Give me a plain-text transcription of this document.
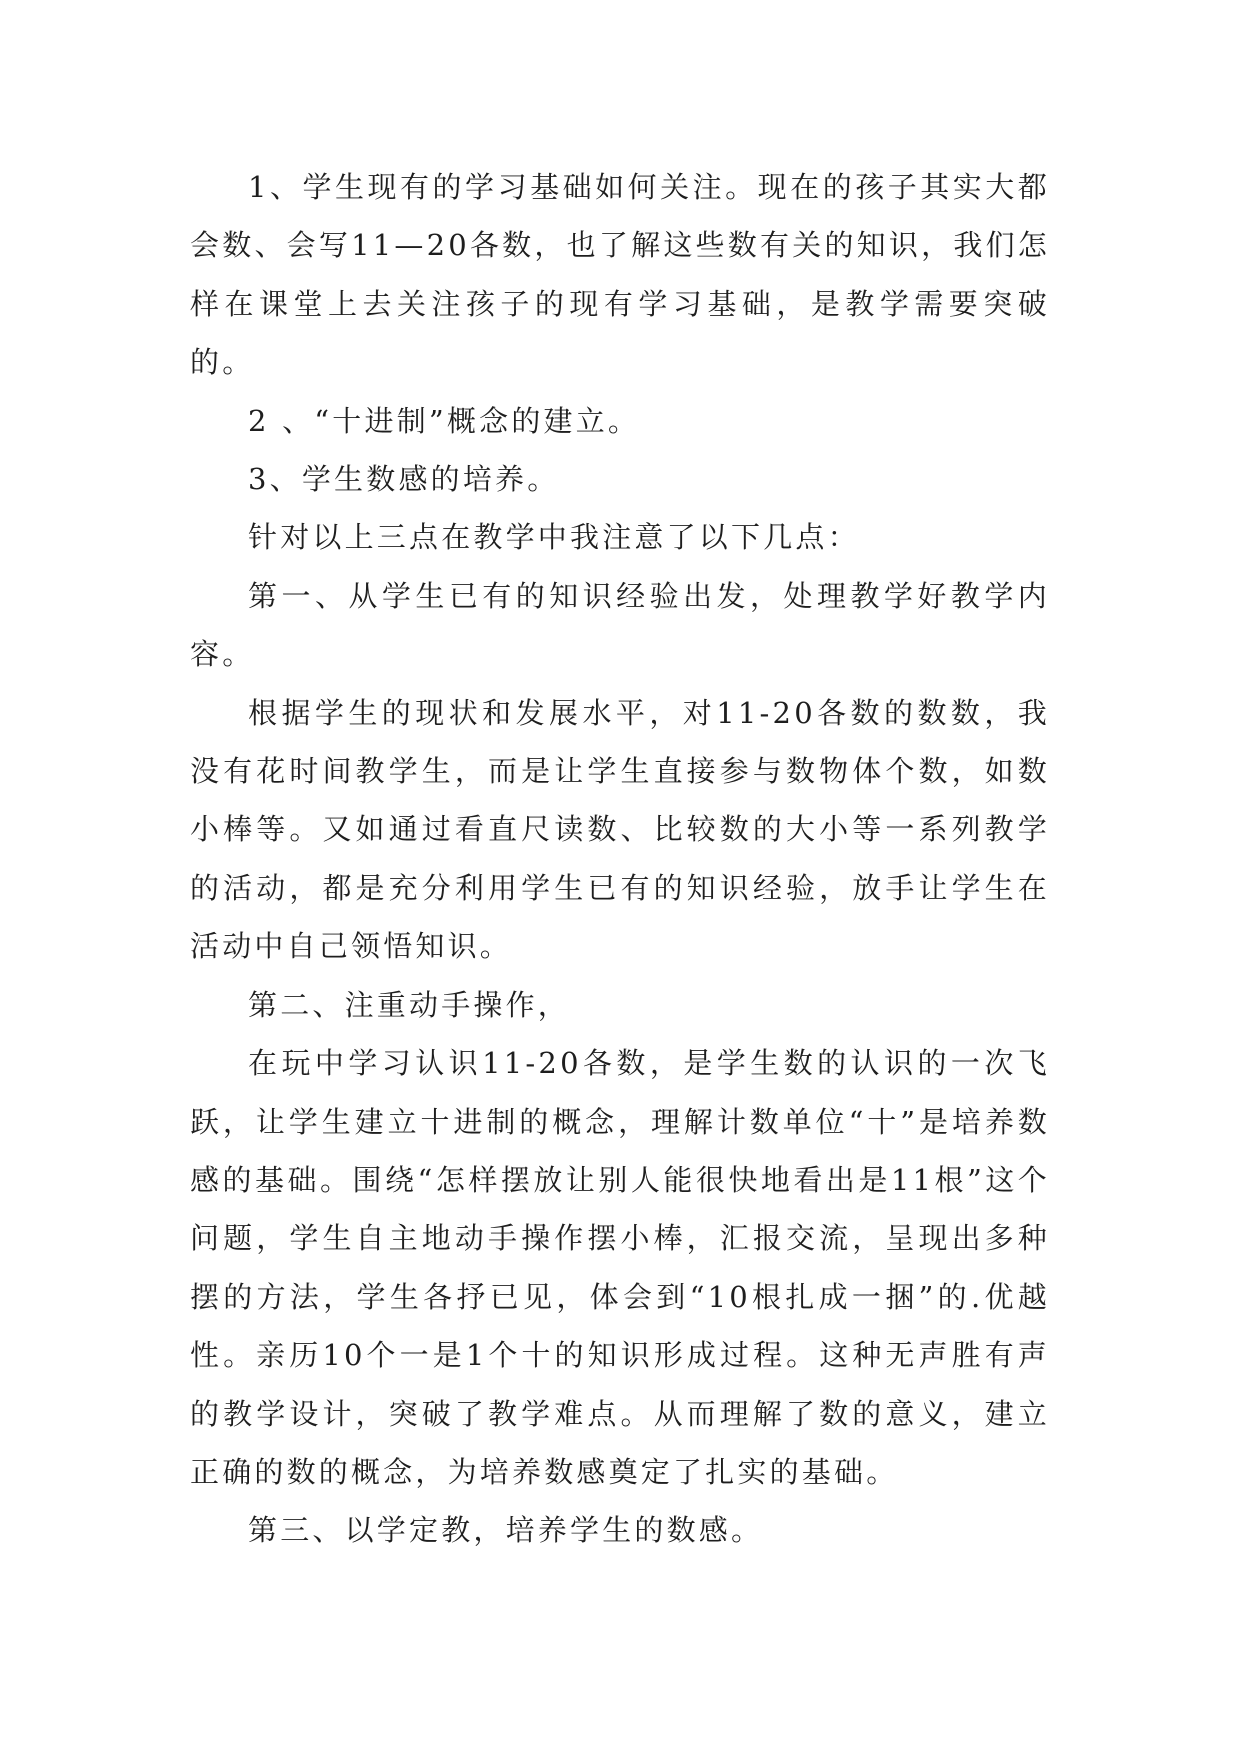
1、学生现有的学习基础如何关注。现在的孩子其实大都会数、会写11—20各数，也了解这些数有关的知识，我们怎样在课堂上去关注孩子的现有学习基础，是教学需要突破的。

2 、“十进制”概念的建立。

3、学生数感的培养。

针对以上三点在教学中我注意了以下几点：

第一、从学生已有的知识经验出发，处理教学好教学内容。

根据学生的现状和发展水平，对11-20各数的数数，我没有花时间教学生，而是让学生直接参与数物体个数，如数小棒等。又如通过看直尺读数、比较数的大小等一系列教学的活动，都是充分利用学生已有的知识经验，放手让学生在活动中自己领悟知识。

第二、注重动手操作，

在玩中学习认识11-20各数，是学生数的认识的一次飞跃，让学生建立十进制的概念，理解计数单位“十”是培养数感的基础。围绕“怎样摆放让别人能很快地看出是11根”这个问题，学生自主地动手操作摆小棒，汇报交流，呈现出多种摆的方法，学生各抒已见，体会到“10根扎成一捆”的.优越性。亲历10个一是1个十的知识形成过程。这种无声胜有声的教学设计，突破了教学难点。从而理解了数的意义，建立正确的数的概念，为培养数感奠定了扎实的基础。

第三、以学定教，培养学生的数感。
